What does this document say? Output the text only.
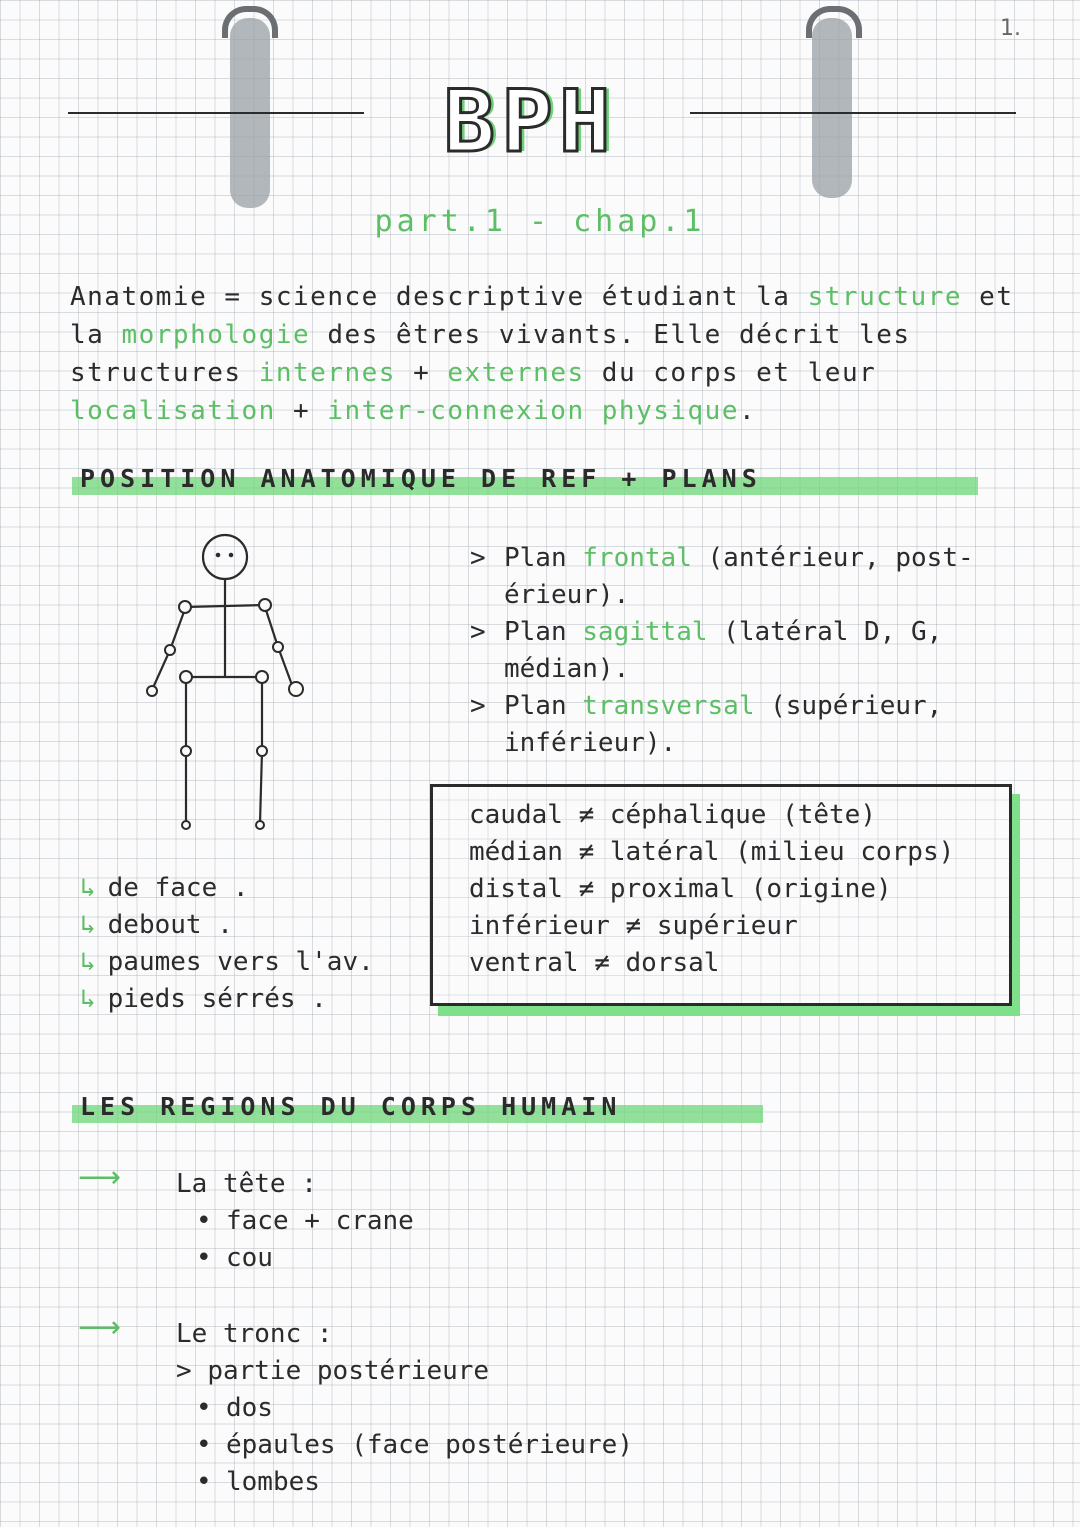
1.
BPH
part.1 - chap.1
Anatomie = science descriptive étudiant la structure et la morphologie des êtres vivants. Elle décrit les structures internes + externes du corps et leur localisation + inter-connexion physique.
POSITION ANATOMIQUE DE REF + PLANS
> Plan frontal (antérieur, post-érieur).
> Plan sagittal (latéral D, G, médian).
> Plan transversal (supérieur, inférieur).
caudal ≠ céphalique (tête)
médian ≠ latéral (milieu corps)
distal ≠ proximal (origine)
inférieur ≠ supérieur
ventral ≠ dorsal
↳ de face .
↳ debout .
↳ paumes vers l'av.
↳ pieds sérrés .
LES REGIONS DU CORPS HUMAIN
⟶ La tête :
• face + crane
• cou
⟶ Le tronc :
> partie postérieure
• dos
• épaules (face postérieure)
• lombes
